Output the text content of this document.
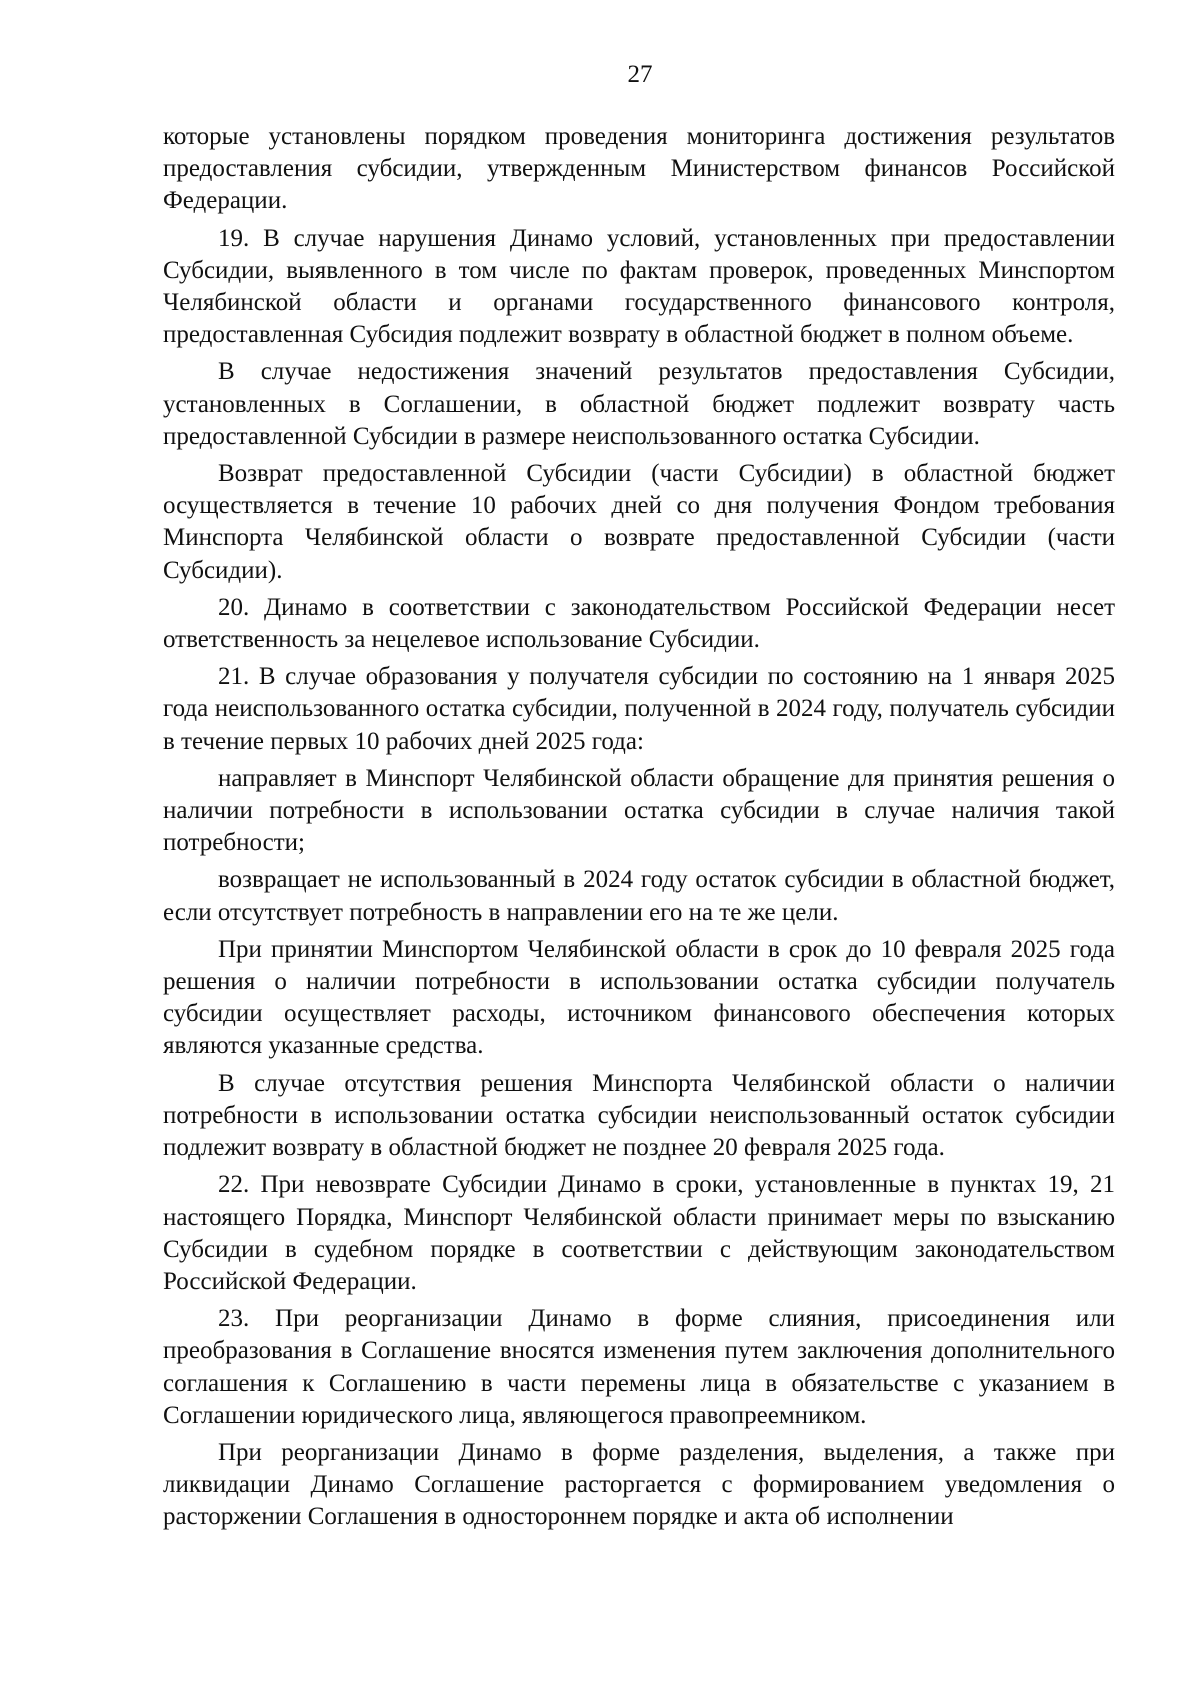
27

которые установлены порядком проведения мониторинга достижения результатов предоставления субсидии, утвержденным Министерством финансов Российской Федерации.

19. В случае нарушения Динамо условий, установленных при предоставлении Субсидии, выявленного в том числе по фактам проверок, проведенных Минспортом Челябинской области и органами государственного финансового контроля, предоставленная Субсидия подлежит возврату в областной бюджет в полном объеме.

В случае недостижения значений результатов предоставления Субсидии, установленных в Соглашении, в областной бюджет подлежит возврату часть предоставленной Субсидии в размере неиспользованного остатка Субсидии.

Возврат предоставленной Субсидии (части Субсидии) в областной бюджет осуществляется в течение 10 рабочих дней со дня получения Фондом требования Минспорта Челябинской области о возврате предоставленной Субсидии (части Субсидии).

20. Динамо в соответствии с законодательством Российской Федерации несет ответственность за нецелевое использование Субсидии.

21. В случае образования у получателя субсидии по состоянию на 1 января 2025 года неиспользованного остатка субсидии, полученной в 2024 году, получатель субсидии в течение первых 10 рабочих дней 2025 года:

направляет в Минспорт Челябинской области обращение для принятия решения о наличии потребности в использовании остатка субсидии в случае наличия такой потребности;

возвращает не использованный в 2024 году остаток субсидии в областной бюджет, если отсутствует потребность в направлении его на те же цели.

При принятии Минспортом Челябинской области в срок до 10 февраля 2025 года решения о наличии потребности в использовании остатка субсидии получатель субсидии осуществляет расходы, источником финансового обеспечения которых являются указанные средства.

В случае отсутствия решения Минспорта Челябинской области о наличии потребности в использовании остатка субсидии неиспользованный остаток субсидии подлежит возврату в областной бюджет не позднее 20 февраля 2025 года.

22. При невозврате Субсидии Динамо в сроки, установленные в пунктах 19, 21 настоящего Порядка, Минспорт Челябинской области принимает меры по взысканию Субсидии в судебном порядке в соответствии с действующим законодательством Российской Федерации.

23. При реорганизации Динамо в форме слияния, присоединения или преобразования в Соглашение вносятся изменения путем заключения дополнительного соглашения к Соглашению в части перемены лица в обязательстве с указанием в Соглашении юридического лица, являющегося правопреемником.

При реорганизации Динамо в форме разделения, выделения, а также при ликвидации Динамо Соглашение расторгается с формированием уведомления о расторжении Соглашения в одностороннем порядке и акта об исполнении
